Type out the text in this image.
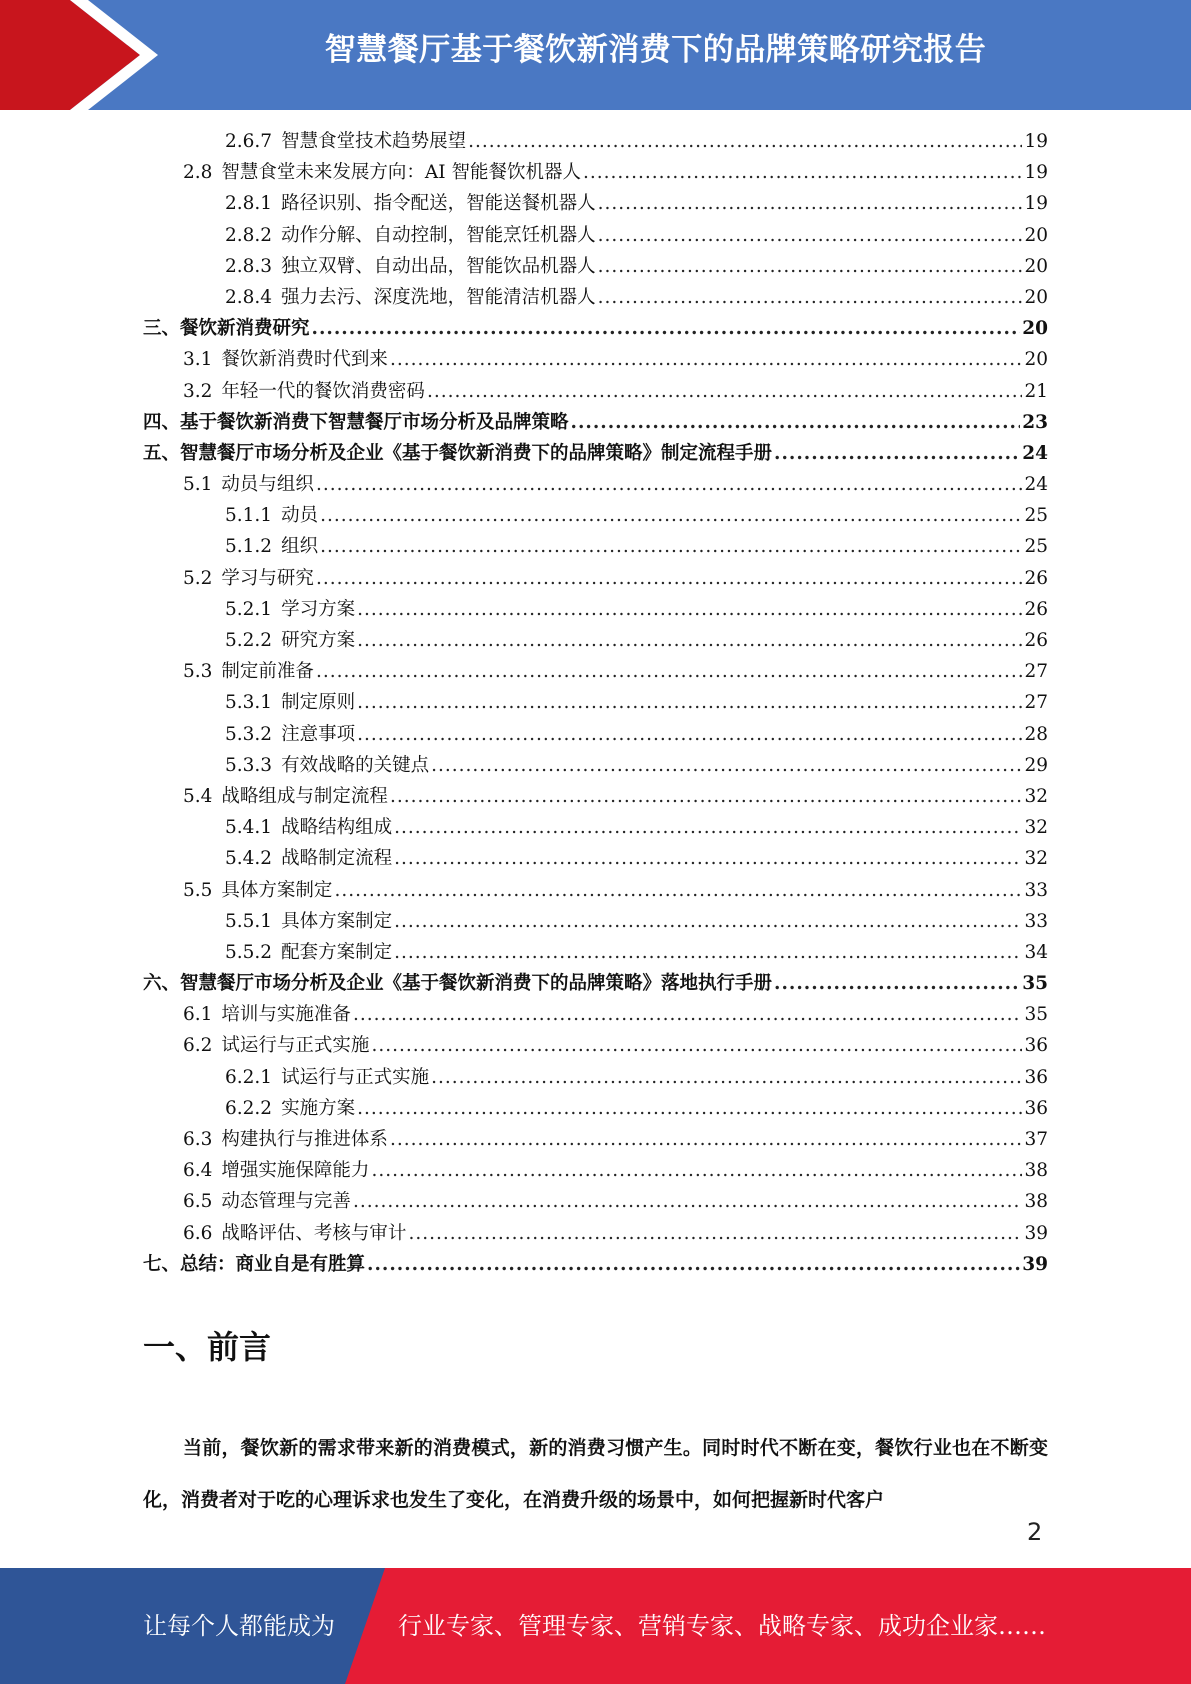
智慧餐厅基于餐饮新消费下的品牌策略研究报告
2.6.7 智慧食堂技术趋势展望 .....	19
2.8 智慧食堂未来发展方向：AI 智能餐饮机器人 .....	19
2.8.1 路径识别、指令配送，智能送餐机器人 .....	19
2.8.2 动作分解、自动控制，智能烹饪机器人 .....	20
2.8.3 独立双臂、自动出品，智能饮品机器人 .....	20
2.8.4 强力去污、深度洗地，智能清洁机器人 .....	20
三、餐饮新消费研究 .....	20
3.1 餐饮新消费时代到来 .....	20
3.2 年轻一代的餐饮消费密码 .....	21
四、基于餐饮新消费下智慧餐厅市场分析及品牌策略 .....	23
五、智慧餐厅市场分析及企业《基于餐饮新消费下的品牌策略》制定流程手册 .....	24
5.1 动员与组织 .....	24
5.1.1 动员 .....	25
5.1.2 组织 .....	25
5.2 学习与研究 .....	26
5.2.1 学习方案 .....	26
5.2.2 研究方案 .....	26
5.3 制定前准备 .....	27
5.3.1 制定原则 .....	27
5.3.2 注意事项 .....	28
5.3.3 有效战略的关键点 .....	29
5.4 战略组成与制定流程 .....	32
5.4.1 战略结构组成 .....	32
5.4.2 战略制定流程 .....	32
5.5 具体方案制定 .....	33
5.5.1 具体方案制定 .....	33
5.5.2 配套方案制定 .....	34
六、智慧餐厅市场分析及企业《基于餐饮新消费下的品牌策略》落地执行手册 .....	35
6.1 培训与实施准备 .....	35
6.2 试运行与正式实施 .....	36
6.2.1 试运行与正式实施 .....	36
6.2.2 实施方案 .....	36
6.3 构建执行与推进体系 .....	37
6.4 增强实施保障能力 .....	38
6.5 动态管理与完善 .....	38
6.6 战略评估、考核与审计 .....	39
七、总结：商业自是有胜算 .....	39
一、前言

当前，餐饮新的需求带来新的消费模式，新的消费习惯产生。同时时代不断在变，餐饮行业也在不断变化，消费者对于吃的心理诉求也发生了变化，在消费升级的场景中，如何把握新时代客户

2
让每个人都能成为	行业专家、管理专家、营销专家、战略专家、成功企业家……
